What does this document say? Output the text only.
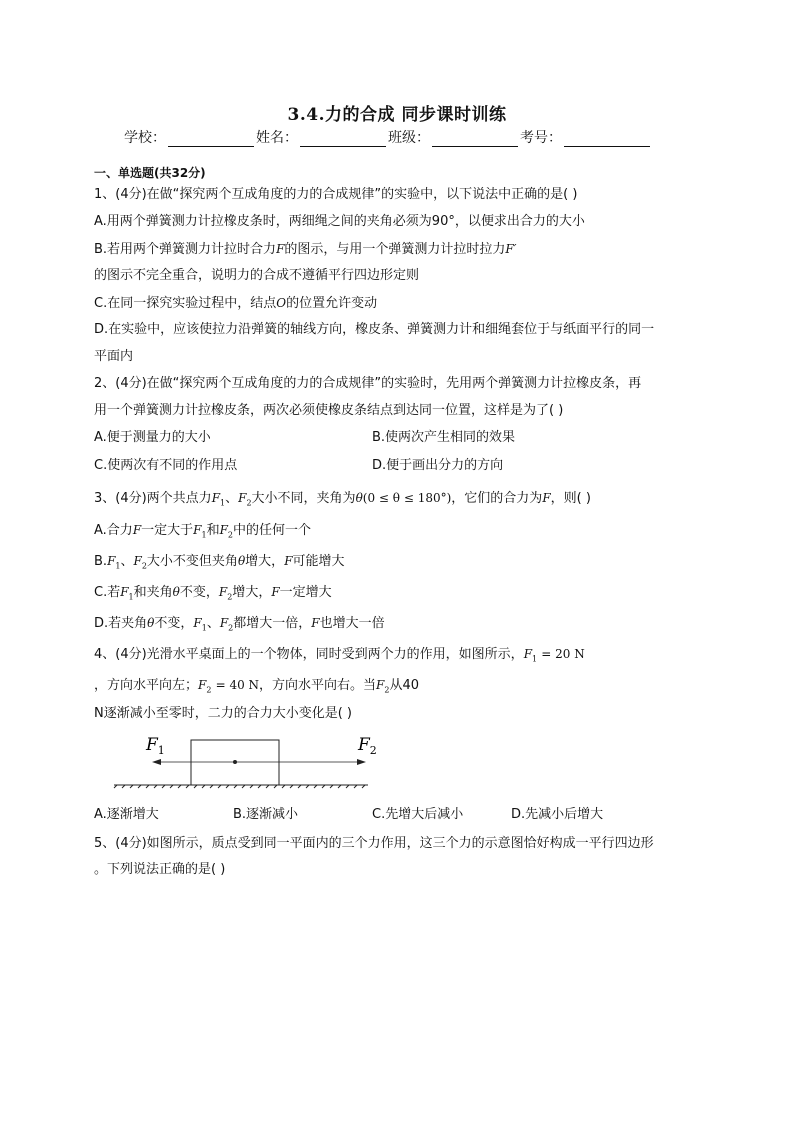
3.4.力的合成 同步课时训练
学校：	姓名：	班级：	考号：
一、单选题(共32分)
1、(4分)在做“探究两个互成角度的力的合成规律”的实验中，以下说法中正确的是( )
A.用两个弹簧测力计拉橡皮条时，两细绳之间的夹角必须为90°，以便求出合力的大小
B.若用两个弹簧测力计拉时合力F的图示，与用一个弹簧测力计拉时拉力F′
的图示不完全重合，说明力的合成不遵循平行四边形定则
C.在同一探究实验过程中，结点O的位置允许变动
D.在实验中，应该使拉力沿弹簧的轴线方向，橡皮条、弹簧测力计和细绳套位于与纸面平行的同一
平面内
2、(4分)在做“探究两个互成角度的力的合成规律”的实验时，先用两个弹簧测力计拉橡皮条，再
用一个弹簧测力计拉橡皮条，两次必须使橡皮条结点到达同一位置，这样是为了( )
A.便于测量力的大小	B.使两次产生相同的效果
C.使两次有不同的作用点	D.便于画出分力的方向
3、(4分)两个共点力$F_1$、$F_2$大小不同，夹角为θ(0 ≤ θ ≤ 180°)，它们的合力为F，则( )
A.合力F一定大于$F_1$和$F_2$中的任何一个
$B.F_1$、$F_2$大小不变但夹角θ增大，F可能增大
C.若$F_1$和夹角θ不变，$F_2$增大，F一定增大
D.若夹角θ不变，$F_1$、$F_2$都增大一倍，F也增大一倍
4、(4分)光滑水平桌面上的一个物体，同时受到两个力的作用，如图所示，$F_1 = 20$ N
，方向水平向左；$F_2 = 40$ N，方向水平向右。当$F_2$从40
N逐渐减小至零时，二力的合力大小变化是( )
$F_1$	$F_2$
A.逐渐增大	B.逐渐减小	C.先增大后减小	D.先减小后增大
5、(4分)如图所示，质点受到同一平面内的三个力作用，这三个力的示意图恰好构成一平行四边形
。下列说法正确的是( )
